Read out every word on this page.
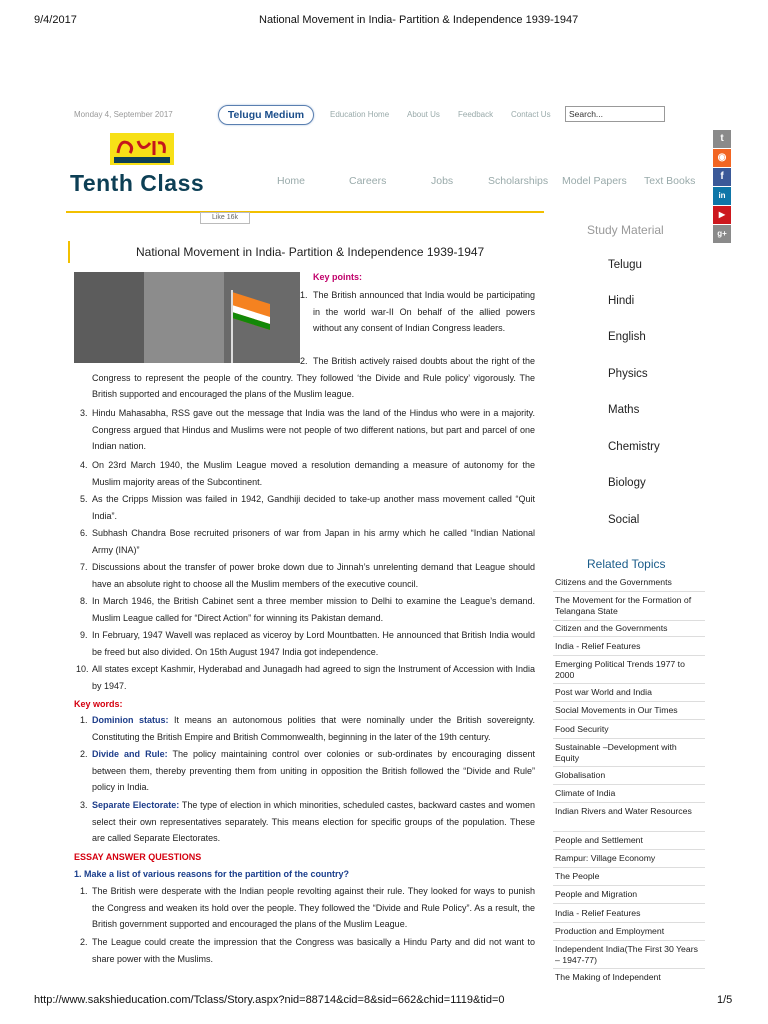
9/4/2017	National Movement in India- Partition & Independence 1939-1947
http://www.sakshieducation.com/Tclass/Story.aspx?nid=88714&cid=8&sid=662&chid=1119&tid=0	1/5
Monday 4, September 2017	Telugu Medium	Education Home About Us Feedback Contact Us	Search...
Tenth Class	Home	Careers	Jobs	Scholarships Model Papers Text Books
Like 16k
t
◉
f
in
▶
g+
Study Material
Telugu
Hindi
English
Physics
Maths
Chemistry
Biology
Social
Related Topics
Citizens and the Governments
The Movement for the Formation of Telangana State
Citizen and the Governments
India - Relief Features
Emerging Political Trends 1977 to 2000
Post war World and India
Social Movements in Our Times
Food Security
Sustainable –Development with Equity
Globalisation
Climate of India
Indian Rivers and Water Resources
People and Settlement
Rampur: Village Economy
The People
People and Migration
India - Relief Features
Production and Employment
Independent India(The First 30 Years – 1947-77)
The Making of Independent
National Movement in India- Partition & Independence 1939-1947
Key points:
1. The British announced that India would be participating in the world war-II On behalf of the allied powers without any consent of Indian Congress leaders.
2. The British actively raised doubts about the right of the Congress to represent the people of the country. They followed ‘the Divide and Rule policy’ vigorously. The British supported and encouraged the plans of the Muslim league.
3. Hindu Mahasabha, RSS gave out the message that India was the land of the Hindus who were in a majority. Congress argued that Hindus and Muslims were not people of two different nations, but part and parcel of one Indian nation.
4. On 23rd March 1940, the Muslim League moved a resolution demanding a measure of autonomy for the Muslim majority areas of the Subcontinent.
5. As the Cripps Mission was failed in 1942, Gandhiji decided to take-up another mass movement called “Quit India”.
6. Subhash Chandra Bose recruited prisoners of war from Japan in his army which he called “Indian National Army (INA)”
7. Discussions about the transfer of power broke down due to Jinnah’s unrelenting demand that League should have an absolute right to choose all the Muslim members of the executive council.
8. In March 1946, the British Cabinet sent a three member mission to Delhi to examine the League’s demand. Muslim League called for “Direct Action” for winning its Pakistan demand.
9. In February, 1947 Wavell was replaced as viceroy by Lord Mountbatten. He announced that British India would be freed but also divided. On 15th August 1947 India got independence.
10. All states except Kashmir, Hyderabad and Junagadh had agreed to sign the Instrument of Accession with India by 1947.
Key words:
1. Dominion status: It means an autonomous polities that were nominally under the British sovereignty. Constituting the British Empire and British Commonwealth, beginning in the later of the 19th century.
2. Divide and Rule: The policy maintaining control over colonies or sub-ordinates by encouraging dissent between them, thereby preventing them from uniting in opposition the British followed the “Divide and Rule” policy in India.
3. Separate Electorate: The type of election in which minorities, scheduled castes, backward castes and women select their own representatives separately. This means election for specific groups of the population. These are called Separate Electorates.
ESSAY ANSWER QUESTIONS
1. Make a list of various reasons for the partition of the country?
1. The British were desperate with the Indian people revolting against their rule. They looked for ways to punish the Congress and weaken its hold over the people. They followed the “Divide and Rule Policy”. As a result, the British government supported and encouraged the plans of the Muslim League.
2. The League could create the impression that the Congress was basically a Hindu Party and did not want to share power with the Muslims.
